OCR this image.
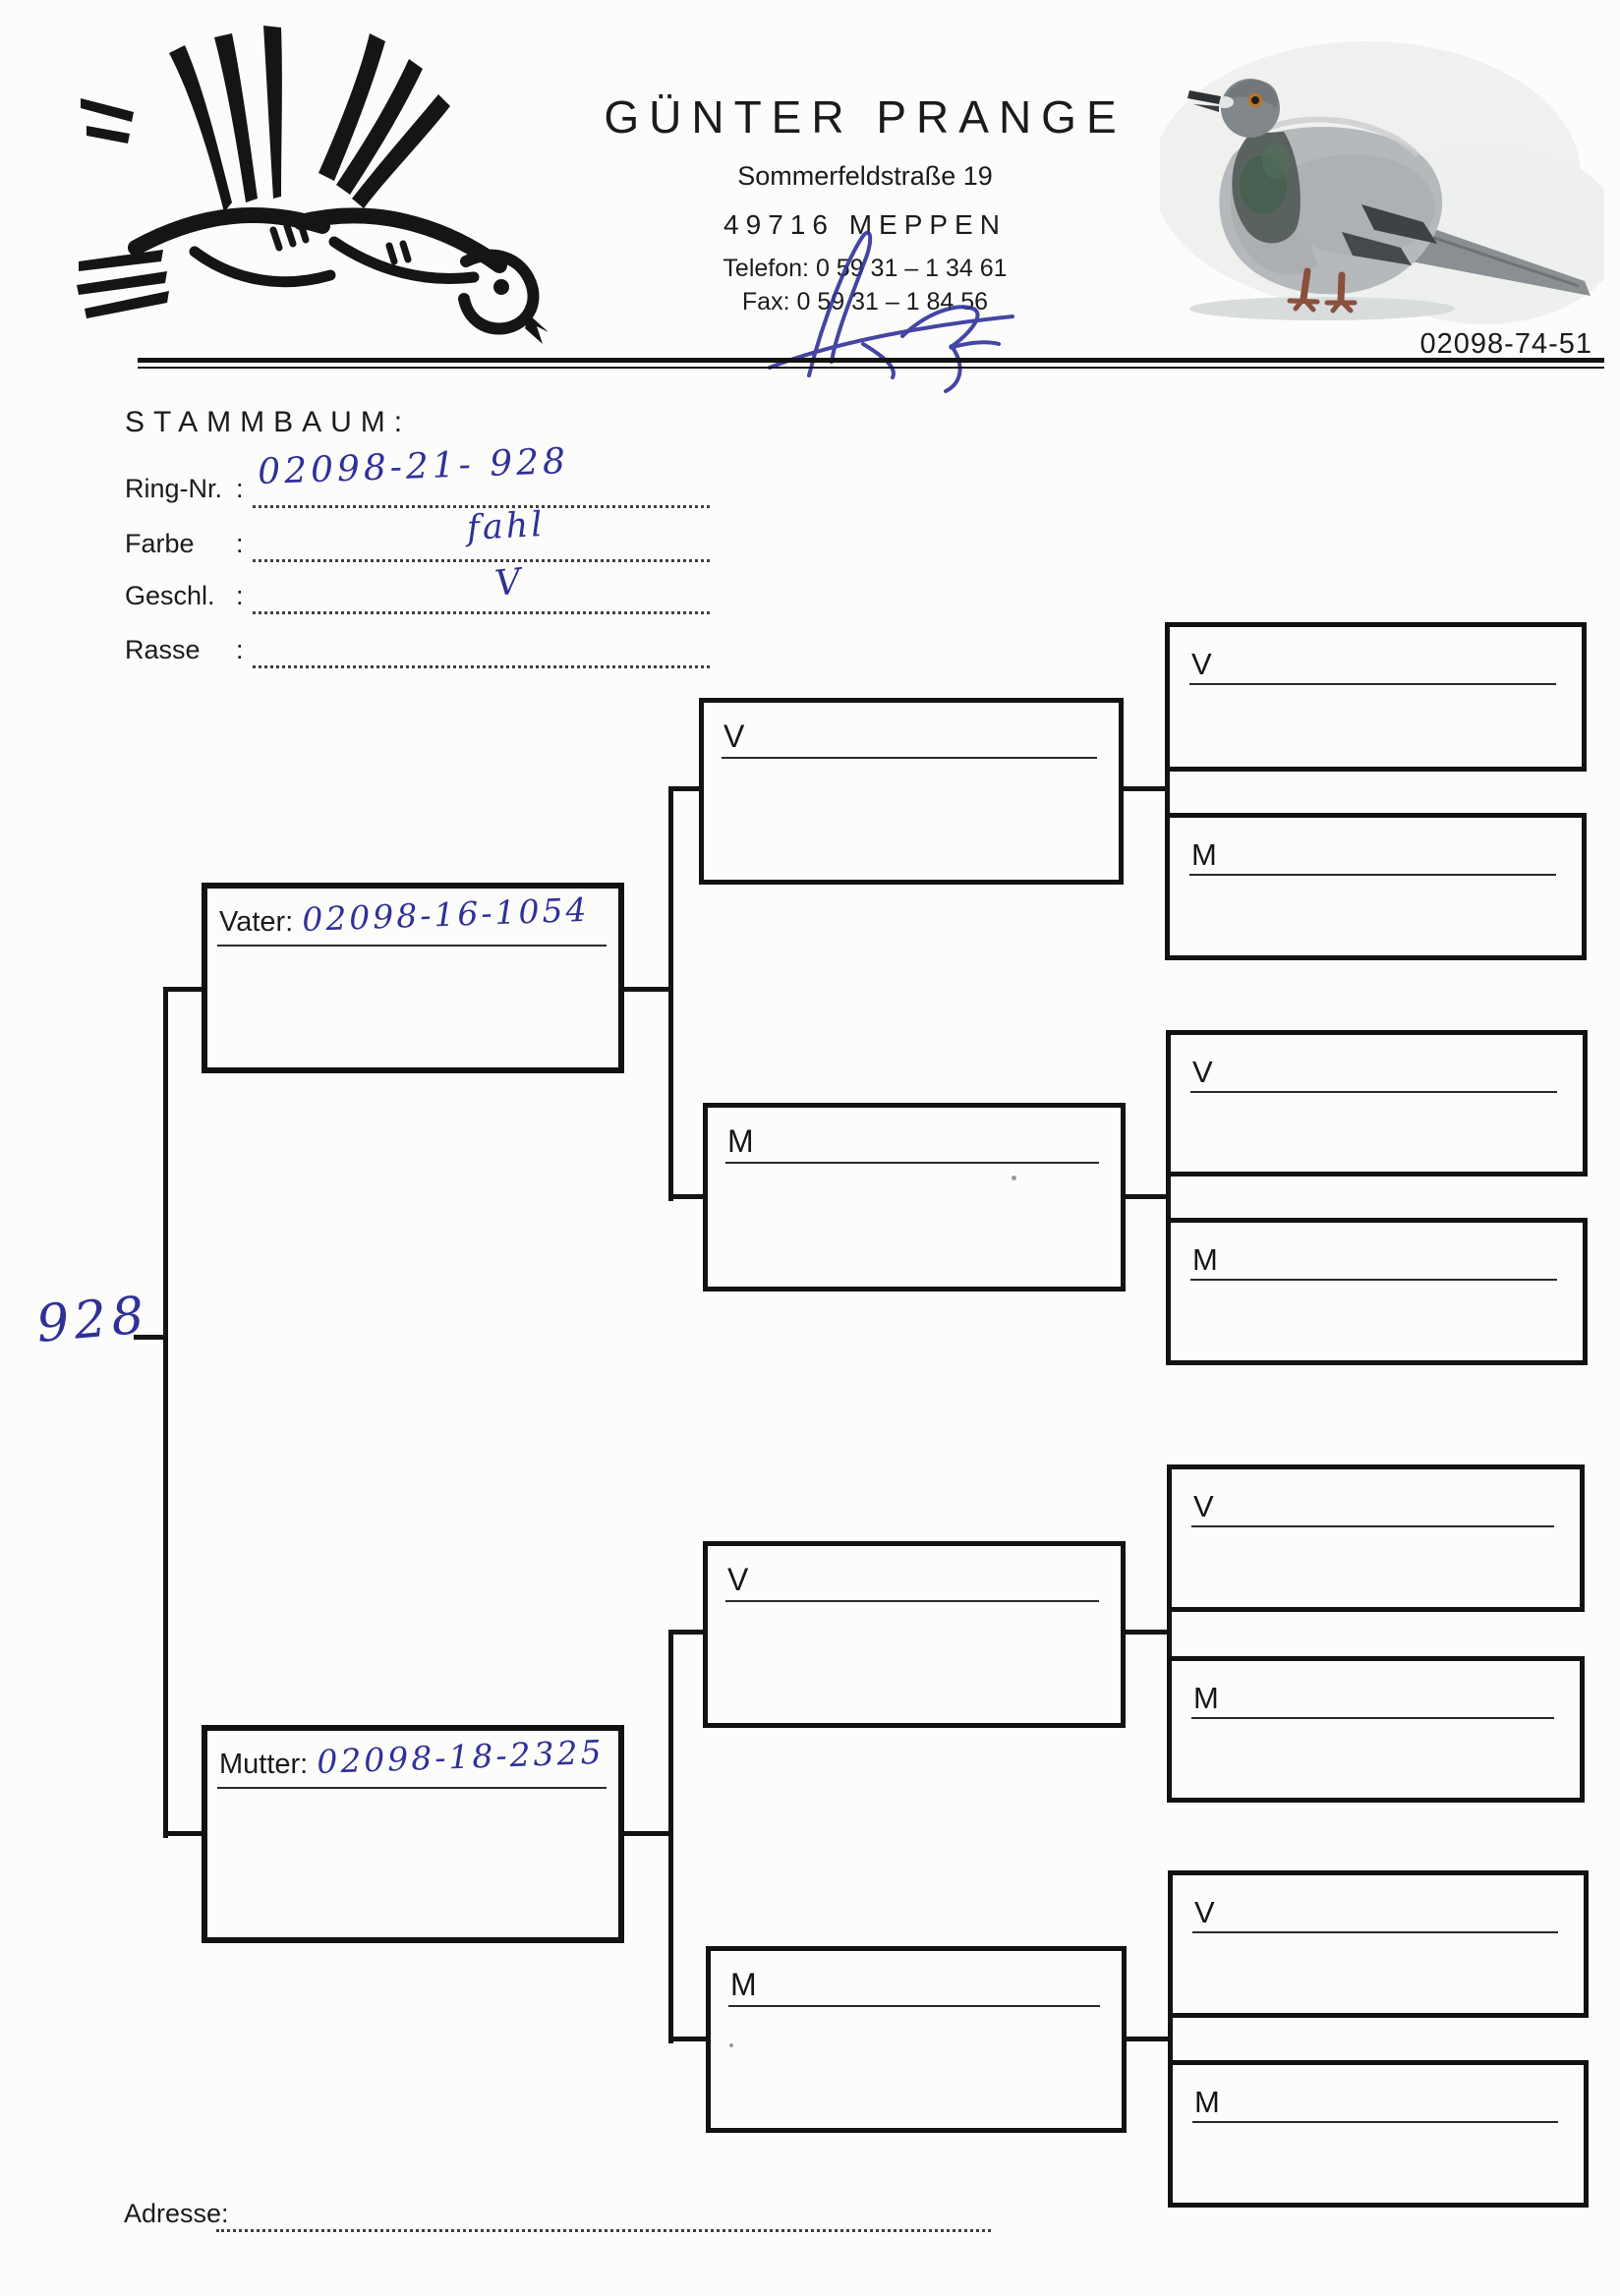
GÜNTER PRANGE
Sommerfeldstraße 19
49716 MEPPEN
Telefon: 0 59 31 – 1 34 61
Fax: 0 59 31 – 1 84 56
02098-74-51
STAMMBAUM:
Ring-Nr. : 02098-21- 928
Farbe :	fahl
Geschl. :	V
Rasse :
928
Vater: 02098-16-1054
Mutter: 02098-18-2325
V
M
V
M
V
M
V
M
V
M
V
M
Adresse:
